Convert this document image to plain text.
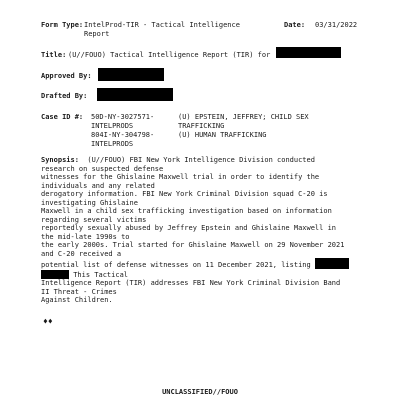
Form Type: IntelProd-TIR - Tactical Intelligence Report
Date: 03/31/2022
Title: (U//FOUO) Tactical Intelligence Report (TIR) for
Approved By:
Drafted By:
Case ID #: 50D-NY-3027571- INTELPRODS
(U) EPSTEIN, JEFFREY; CHILD SEX TRAFFICKING
804I-NY-304798- INTELPRODS
(U) HUMAN TRAFFICKING
Synopsis:  (U//FOUO) FBI New York Intelligence Division conducted
research on suspected defense
witnesses for the Ghislaine Maxwell trial in order to identify the
individuals and any related
derogatory information. FBI New York Criminal Division squad C-20 is
investigating Ghislaine
Maxwell in a child sex trafficking investigation based on information
regarding several victims
reportedly sexually abused by Jeffrey Epstein and Ghislaine Maxwell in
the mid-late 1990s to
the early 2000s. Trial started for Ghislaine Maxwell on 29 November 2021
and C-20 received a
potential list of defense witnesses on 11 December 2021, listing
This Tactical
Intelligence Report (TIR) addresses FBI New York Criminal Division Band
II Threat - Crimes
Against Children.
♦♦
UNCLASSIFIED//FOUO
